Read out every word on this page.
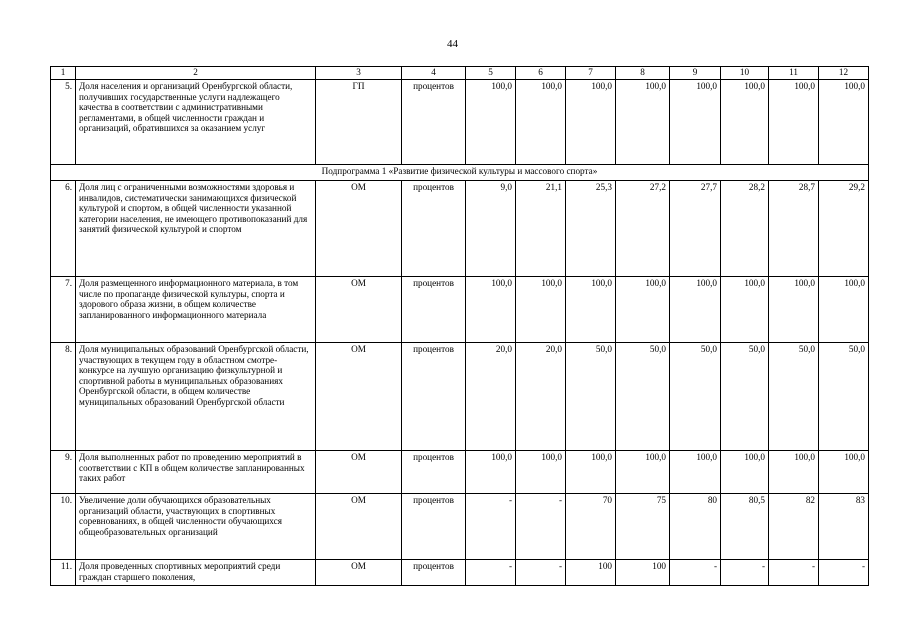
44
1	2	3	4	5	6	7	8	9	10	11	12
5.	Доля населения и организаций Оренбургской области, получивших государственные услуги надлежащего качества в соответствии с административными регламентами, в общей численности граждан и организаций, обратившихся за оказанием услуг	ГП	процентов	100,0	100,0	100,0	100,0	100,0	100,0	100,0	100,0
Подпрограмма 1 «Развитие физической культуры и массового спорта»											
6.	Доля лиц с ограниченными возможностями здоровья и инвалидов, систематически занимающихся физической культурой и спортом, в общей численности указанной категории населения, не имеющего противопоказаний для занятий физической культурой и спортом	ОМ	процентов	9,0	21,1	25,3	27,2	27,7	28,2	28,7	29,2
7.	Доля размещенного информационного материала, в том числе по пропаганде физической культуры, спорта и здорового образа жизни, в общем количестве запланированного информационного материала	ОМ	процентов	100,0	100,0	100,0	100,0	100,0	100,0	100,0	100,0
8.	Доля муниципальных образований Оренбургской области, участвующих в текущем году в областном смотре-конкурсе на лучшую организацию физкультурной и спортивной работы в муниципальных образованиях Оренбургской области, в общем количестве муниципальных образований Оренбургской области	ОМ	процентов	20,0	20,0	50,0	50,0	50,0	50,0	50,0	50,0
9.	Доля выполненных работ по проведению мероприятий в соответствии с КП в общем количестве запланированных таких работ	ОМ	процентов	100,0	100,0	100,0	100,0	100,0	100,0	100,0	100,0
10.	Увеличение доли обучающихся образовательных организаций области, участвующих в спортивных соревнованиях, в общей численности обучающихся общеобразовательных организаций	ОМ	процентов	-	-	70	75	80	80,5	82	83
11.	Доля проведенных спортивных мероприятий среди граждан старшего поколения,	ОМ	процентов	-	-	100	100	-	-	-	-
